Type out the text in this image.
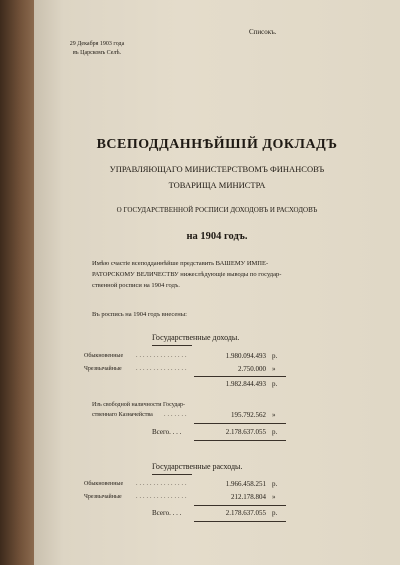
Списокъ.
29 Декабря 1903 года
въ Царскомъ Селѣ.
ВСЕПОДДАННѢЙШІЙ ДОКЛАДЪ
УПРАВЛЯЮЩАГО МИНИСТЕРСТВОМЪ ФИНАНСОВЪ
ТОВАРИЩА МИНИСТРА
О ГОСУДАРСТВЕННОЙ РОСПИСИ ДОХОДОВЪ И РАСХОДОВЪ
на 1904 годъ.
Имѣю счастіе всеподданнѣйше представить ВАШЕМУ ИМПЕ-
РАТОРСКОМУ ВЕЛИЧЕСТВУ нижеслѣдующіе выводы по государ-
ственной росписи на 1904 годъ.
Въ роспись на 1904 годъ внесены:
Государственные доходы.
Обыкновенные ...............	1.980.094.493 р.
Чрезвычайные ...............	2.750.000 »
1.982.844.493 р.
Изъ свободной наличности Государ-
ственнаго Казначейства .......	195.792.562 »
Всего. . . .	2.178.637.055 р.
Государственные расходы.
Обыкновенные ...............	1.966.458.251 р.
Чрезвычайные ...............	212.178.804 »
Всего. . . .	2.178.637.055 р.
